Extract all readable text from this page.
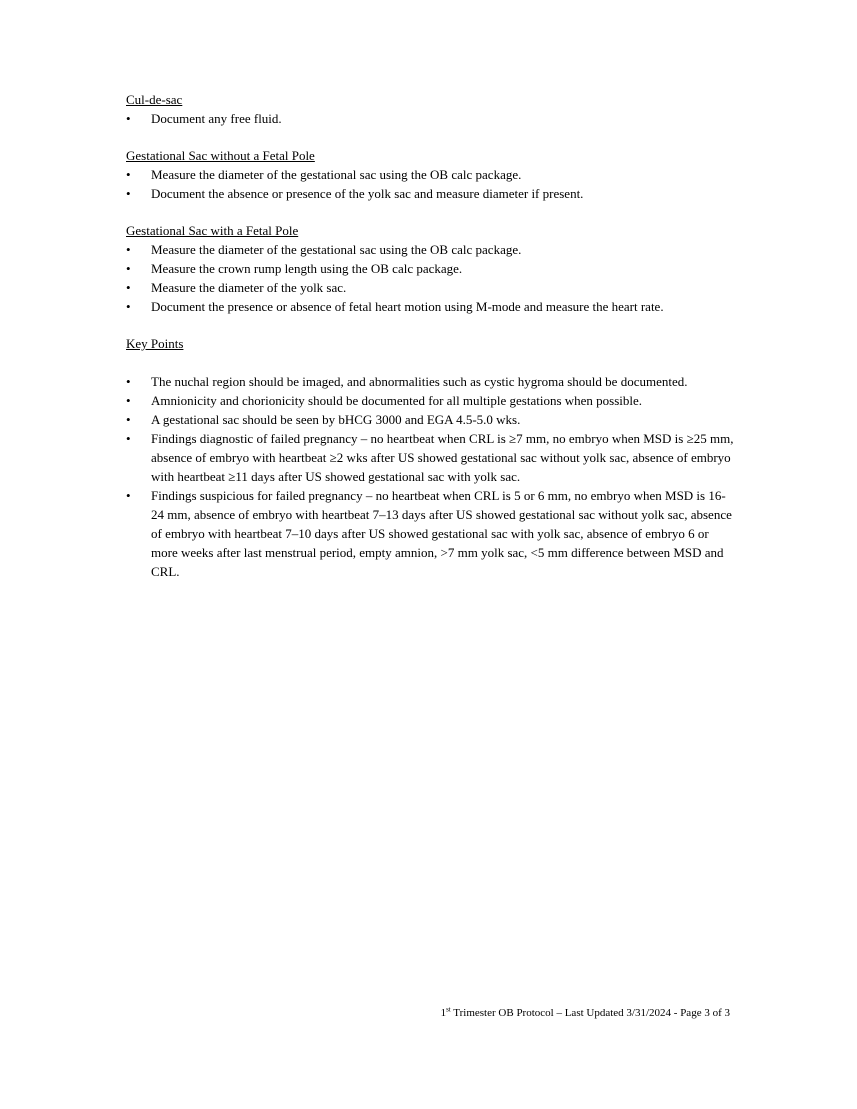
Cul-de-sac

•	Document any free fluid.

Gestational Sac without a Fetal Pole

•	Measure the diameter of the gestational sac using the OB calc package.
•	Document the absence or presence of the yolk sac and measure diameter if present.

Gestational Sac with a Fetal Pole

•	Measure the diameter of the gestational sac using the OB calc package.
•	Measure the crown rump length using the OB calc package.
•	Measure the diameter of the yolk sac.
•	Document the presence or absence of fetal heart motion using M-mode and measure the heart rate.

Key Points

•	The nuchal region should be imaged, and abnormalities such as cystic hygroma should be documented.
•	Amnionicity and chorionicity should be documented for all multiple gestations when possible.
•	A gestational sac should be seen by bHCG 3000 and EGA 4.5-5.0 wks.
•	Findings diagnostic of failed pregnancy – no heartbeat when CRL is ≥7 mm, no embryo when MSD is ≥25 mm, absence of embryo with heartbeat ≥2 wks after US showed gestational sac without yolk sac, absence of embryo with heartbeat ≥11 days after US showed gestational sac with yolk sac.
•	Findings suspicious for failed pregnancy – no heartbeat when CRL is 5 or 6 mm, no embryo when MSD is 16-24 mm, absence of embryo with heartbeat 7–13 days after US showed gestational sac without yolk sac, absence of embryo with heartbeat 7–10 days after US showed gestational sac with yolk sac, absence of embryo 6 or more weeks after last menstrual period, empty amnion, >7 mm yolk sac, <5 mm difference between MSD and CRL.
1st Trimester OB Protocol – Last Updated 3/31/2024 - Page 3 of 3
